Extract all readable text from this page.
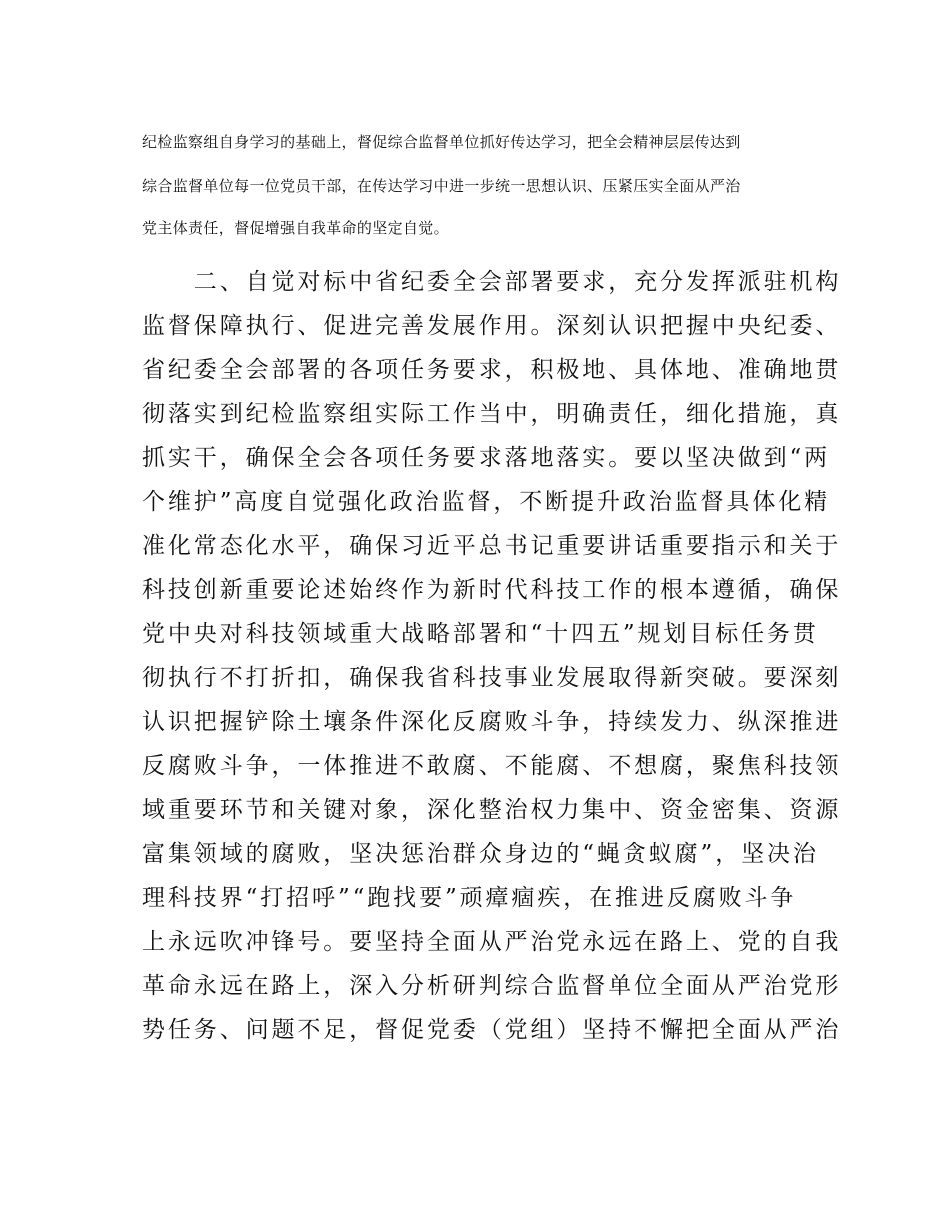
纪检监察组自身学习的基础上，督促综合监督单位抓好传达学习，把全会精神层层传达到

综合监督单位每一位党员干部，在传达学习中进一步统一思想认识、压紧压实全面从严治

党主体责任，督促增强自我革命的坚定自觉。

　　二、自觉对标中省纪委全会部署要求，充分发挥派驻机构

监督保障执行、促进完善发展作用。深刻认识把握中央纪委、

省纪委全会部署的各项任务要求，积极地、具体地、准确地贯

彻落实到纪检监察组实际工作当中，明确责任，细化措施，真

抓实干，确保全会各项任务要求落地落实。要以坚决做到“两

个维护”高度自觉强化政治监督，不断提升政治监督具体化精

准化常态化水平，确保习近平总书记重要讲话重要指示和关于

科技创新重要论述始终作为新时代科技工作的根本遵循，确保

党中央对科技领域重大战略部署和“十四五”规划目标任务贯

彻执行不打折扣，确保我省科技事业发展取得新突破。要深刻

认识把握铲除土壤条件深化反腐败斗争，持续发力、纵深推进

反腐败斗争，一体推进不敢腐、不能腐、不想腐，聚焦科技领

域重要环节和关键对象，深化整治权力集中、资金密集、资源

富集领域的腐败，坚决惩治群众身边的“蝇贪蚁腐”，坚决治

理科技界“打招呼”“跑找要”顽瘴痼疾，在推进反腐败斗争

上永远吹冲锋号。要坚持全面从严治党永远在路上、党的自我

革命永远在路上，深入分析研判综合监督单位全面从严治党形

势任务、问题不足，督促党委（党组）坚持不懈把全面从严治
